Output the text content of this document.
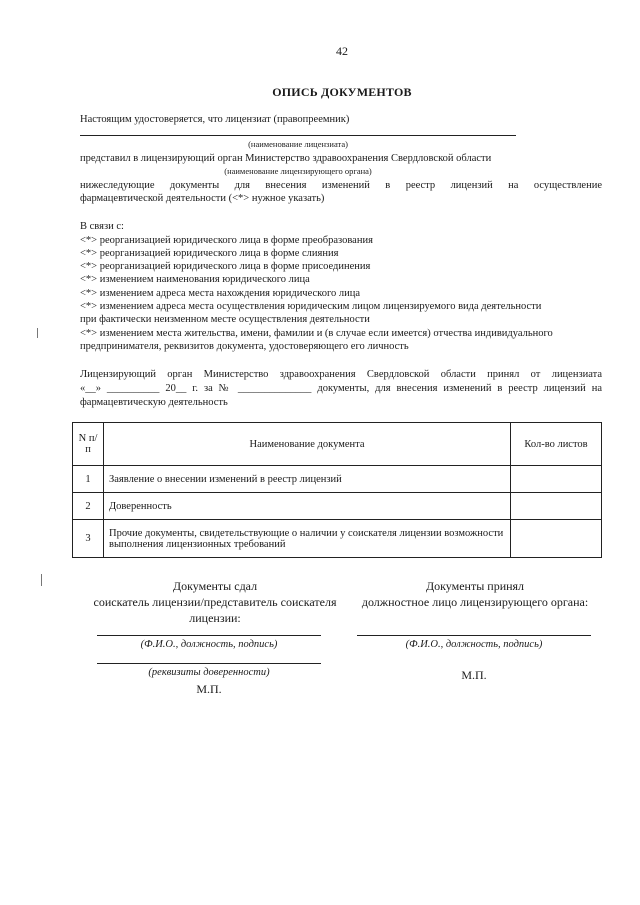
42
ОПИСЬ ДОКУМЕНТОВ
Настоящим удостоверяется, что лицензиат (правопреемник)
(наименование лицензиата)
представил в лицензирующий орган Министерство здравоохранения Свердловской области
(наименование лицензирующего органа)
нижеследующие документы для внесения изменений в реестр лицензий на осуществление
фармацевтической деятельности (<*> нужное указать)
В связи с:
<*> реорганизацией юридического лица в форме преобразования
<*> реорганизацией юридического лица в форме слияния
<*> реорганизацией юридического лица в форме присоединения
<*> изменением наименования юридического лица
<*> изменением адреса места нахождения юридического лица
<*> изменением адреса места осуществления юридическим лицом лицензируемого вида деятельности
при фактически неизменном месте осуществления деятельности
<*> изменением места жительства, имени, фамилии и (в случае если имеется) отчества индивидуального
предпринимателя, реквизитов документа, удостоверяющего его личность
Лицензирующий орган Министерство здравоохранения Свердловской области принял от лицензиата
«__» __________ 20__ г. за № ______________ документы, для внесения изменений в реестр лицензий на
фармацевтическую деятельность
N п/п	Наименование документа	Кол-во листов
1	Заявление о внесении изменений в реестр лицензий	
2	Доверенность	
3	Прочие документы, свидетельствующие о наличии у соискателя лицензии возможности выполнения лицензионных требований	
Документы сдал
соискатель лицензии/представитель соискателя
лицензии:
(Ф.И.О., должность, подпись)
(реквизиты доверенности)
М.П.
Документы принял
должностное лицо лицензирующего органа:
(Ф.И.О., должность, подпись)
М.П.
